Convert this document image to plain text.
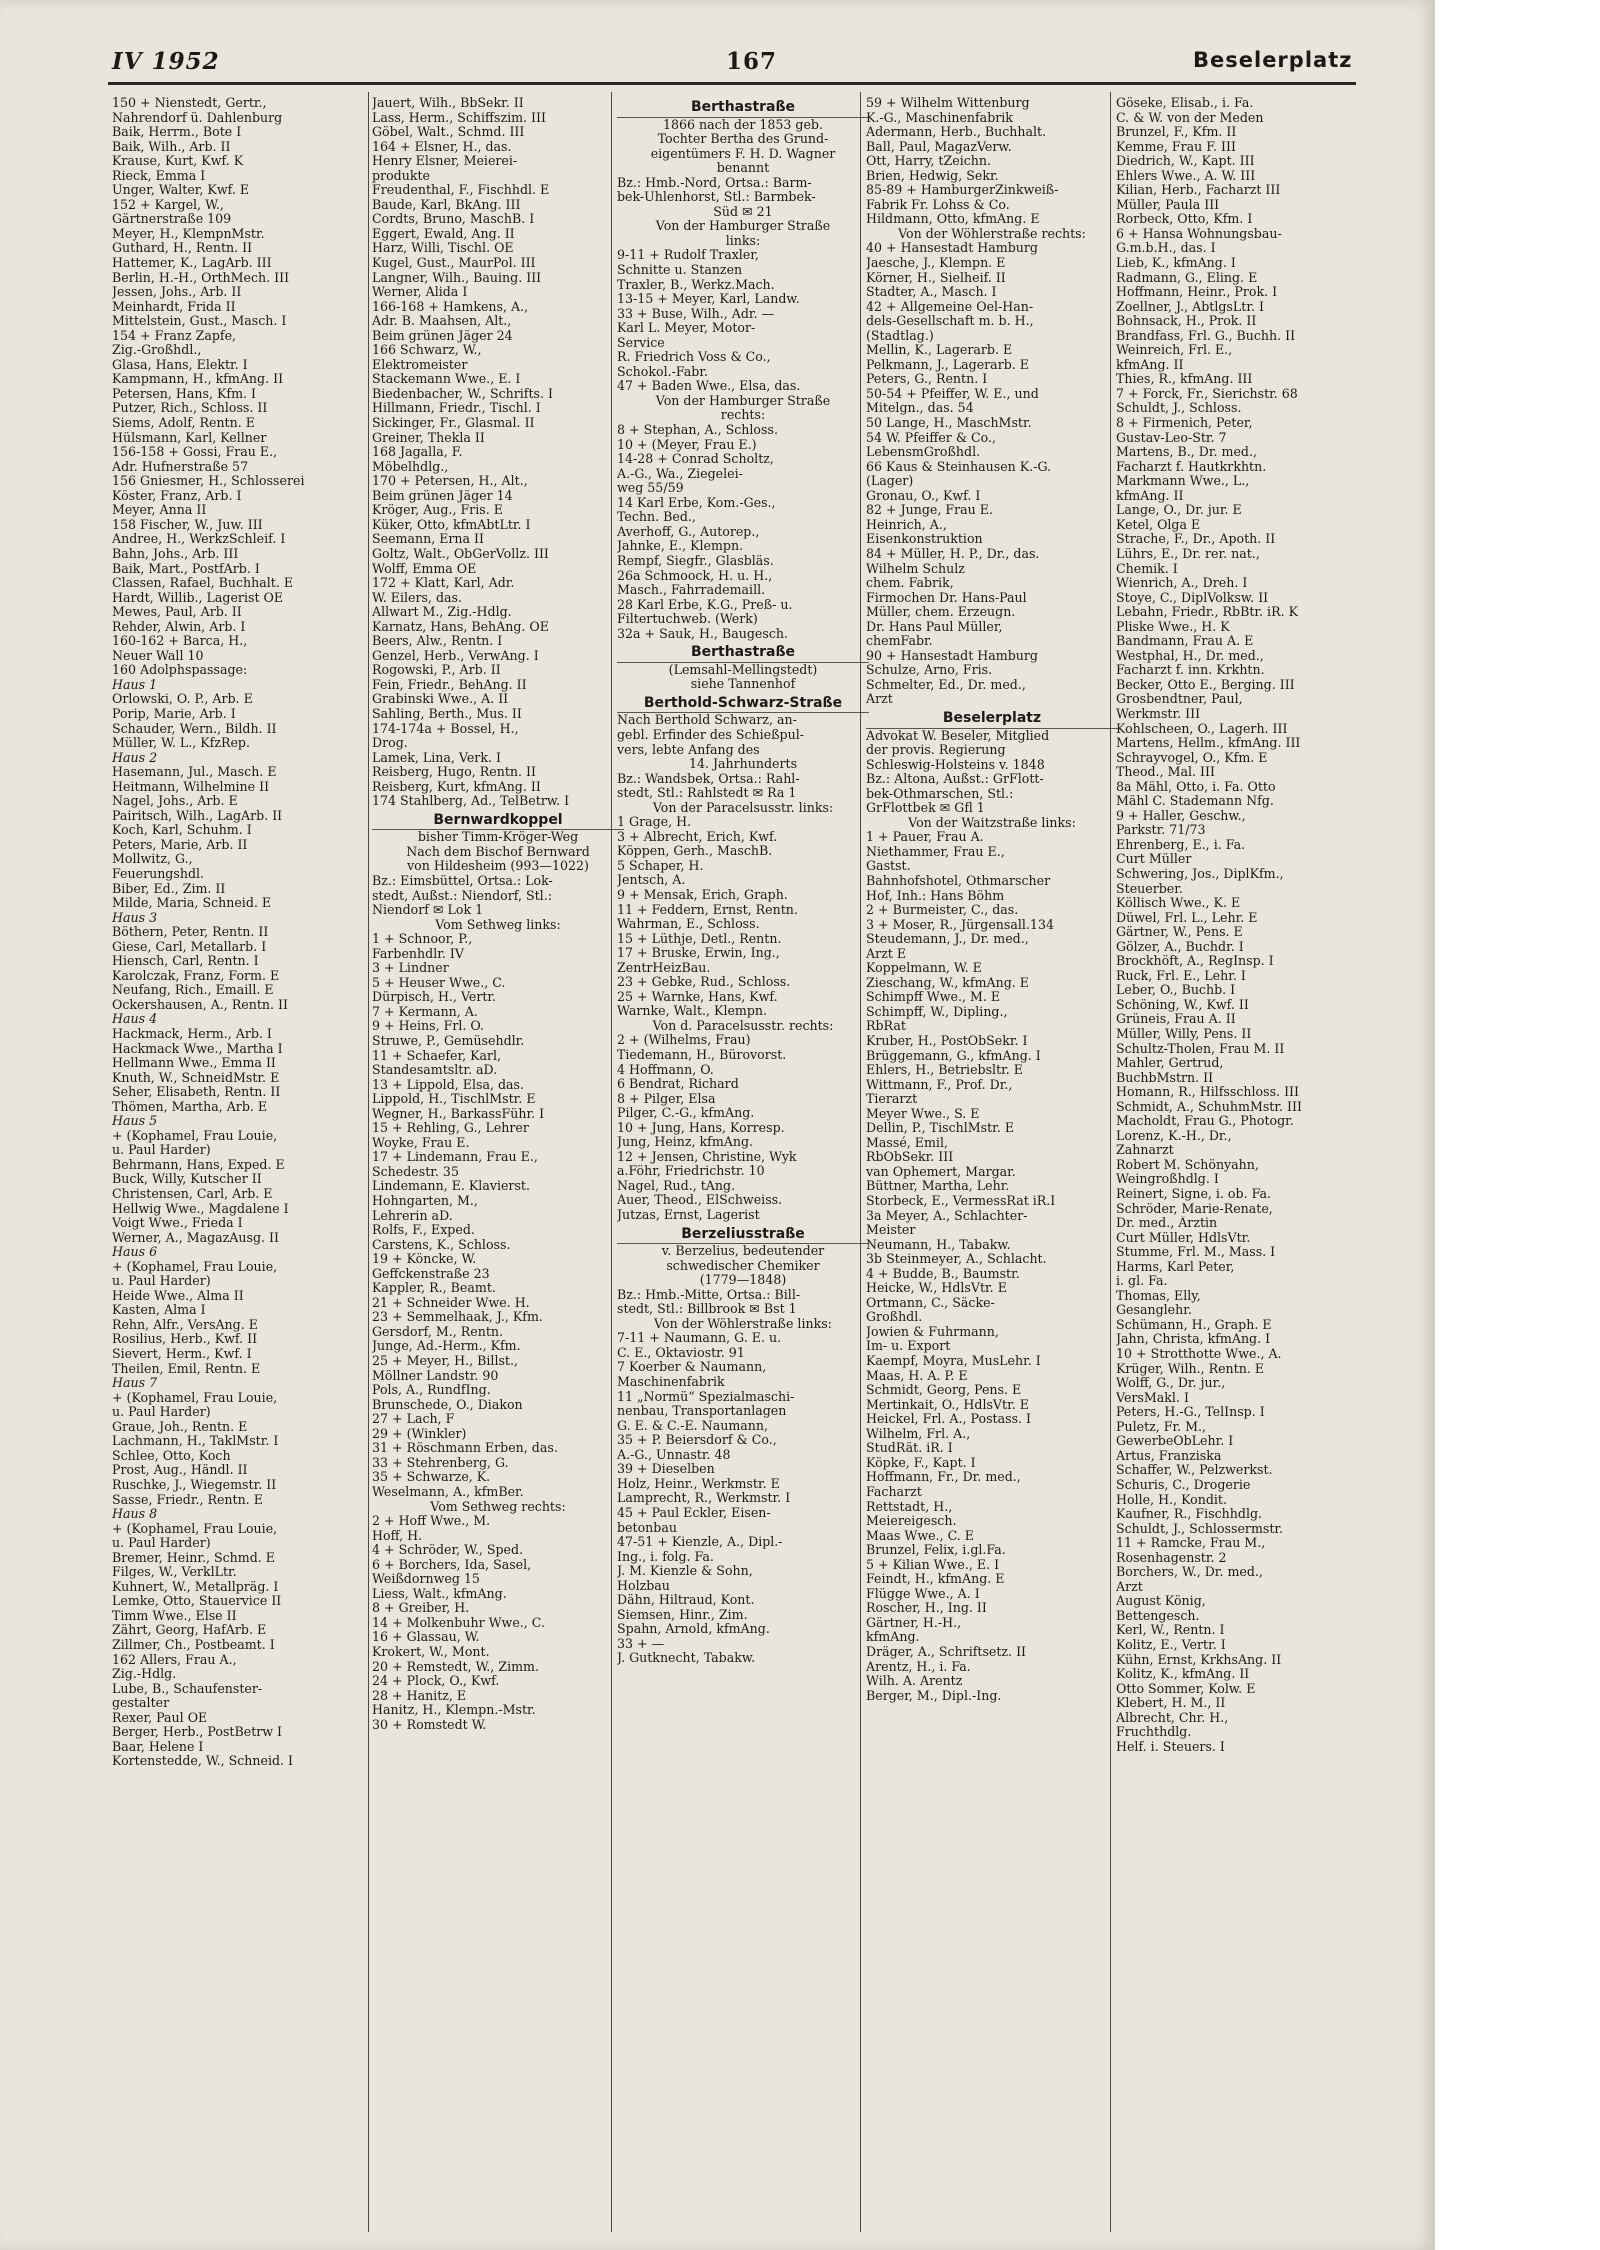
IV 1952	167	Beselerplatz
150 + Nienstedt, Gertr.,
Nahrendorf ü. Dahlenburg
Baik, Herrm., Bote I
Baik, Wilh., Arb. II
Krause, Kurt, Kwf. K
Rieck, Emma I
Unger, Walter, Kwf. E
152 + Kargel, W.,
Gärtnerstraße 109
Meyer, H., KlempnMstr.
Guthard, H., Rentn. II
Hattemer, K., LagArb. III
Berlin, H.-H., OrthMech. III
Jessen, Johs., Arb. II
Meinhardt, Frida II
Mittelstein, Gust., Masch. I
154 + Franz Zapfe,
Zig.-Großhdl.,
Glasa, Hans, Elektr. I
Kampmann, H., kfmAng. II
Petersen, Hans, Kfm. I
Putzer, Rich., Schloss. II
Siems, Adolf, Rentn. E
Hülsmann, Karl, Kellner
156-158 + Gossi, Frau E.,
Adr. Hufnerstraße 57
156 Gniesmer, H., Schlosserei
Köster, Franz, Arb. I
Meyer, Anna II
158 Fischer, W., Juw. III
Andree, H., WerkzSchleif. I
Bahn, Johs., Arb. III
Baik, Mart., PostfArb. I
Classen, Rafael, Buchhalt. E
Hardt, Willib., Lagerist OE
Mewes, Paul, Arb. II
Rehder, Alwin, Arb. I
160-162 + Barca, H.,
Neuer Wall 10
160 Adolphspassage:
Haus 1
Orlowski, O. P., Arb. E
Porip, Marie, Arb. I
Schauder, Wern., Bildh. II
Müller, W. L., KfzRep.
Haus 2
Hasemann, Jul., Masch. E
Heitmann, Wilhelmine II
Nagel, Johs., Arb. E
Pairitsch, Wilh., LagArb. II
Koch, Karl, Schuhm. I
Peters, Marie, Arb. II
Mollwitz, G.,
Feuerungshdl.
Biber, Ed., Zim. II
Milde, Maria, Schneid. E
Haus 3
Böthern, Peter, Rentn. II
Giese, Carl, Metallarb. I
Hiensch, Carl, Rentn. I
Karolczak, Franz, Form. E
Neufang, Rich., Emaill. E
Ockershausen, A., Rentn. II
Haus 4
Hackmack, Herm., Arb. I
Hackmack Wwe., Martha I
Hellmann Wwe., Emma II
Knuth, W., SchneidMstr. E
Seher, Elisabeth, Rentn. II
Thömen, Martha, Arb. E
Haus 5
+ (Kophamel, Frau Louie,
u. Paul Harder)
Behrmann, Hans, Exped. E
Buck, Willy, Kutscher II
Christensen, Carl, Arb. E
Hellwig Wwe., Magdalene I
Voigt Wwe., Frieda I
Werner, A., MagazAusg. II
Haus 6
+ (Kophamel, Frau Louie,
u. Paul Harder)
Heide Wwe., Alma II
Kasten, Alma I
Rehn, Alfr., VersAng. E
Rosilius, Herb., Kwf. II
Sievert, Herm., Kwf. I
Theilen, Emil, Rentn. E
Haus 7
+ (Kophamel, Frau Louie,
u. Paul Harder)
Graue, Joh., Rentn. E
Lachmann, H., TaklMstr. I
Schlee, Otto, Koch
Prost, Aug., Händl. II
Ruschke, J., Wiegemstr. II
Sasse, Friedr., Rentn. E
Haus 8
+ (Kophamel, Frau Louie,
u. Paul Harder)
Bremer, Heinr., Schmd. E
Filges, W., VerklLtr.
Kuhnert, W., Metallpräg. I
Lemke, Otto, Stauervice II
Timm Wwe., Else II
Zährt, Georg, HafArb. E
Zillmer, Ch., Postbeamt. I
162 Allers, Frau A.,
Zig.-Hdlg.
Lube, B., Schaufenster-
gestalter
Rexer, Paul OE
Berger, Herb., PostBetrw I
Baar, Helene I
Kortenstedde, W., Schneid. I
Jauert, Wilh., BbSekr. II
Lass, Herm., Schiffszim. III
Göbel, Walt., Schmd. III
164 + Elsner, H., das.
Henry Elsner, Meierei-
produkte
Freudenthal, F., Fischhdl. E
Baude, Karl, BkAng. III
Cordts, Bruno, MaschB. I
Eggert, Ewald, Ang. II
Harz, Willi, Tischl. OE
Kugel, Gust., MaurPol. III
Langner, Wilh., Bauing. III
Werner, Alida I
166-168 + Hamkens, A.,
Adr. B. Maahsen, Alt.,
Beim grünen Jäger 24
166 Schwarz, W.,
Elektromeister
Stackemann Wwe., E. I
Biedenbacher, W., Schrifts. I
Hillmann, Friedr., Tischl. I
Sickinger, Fr., Glasmal. II
Greiner, Thekla II
168 Jagalla, F.
Möbelhdlg.,
170 + Petersen, H., Alt.,
Beim grünen Jäger 14
Kröger, Aug., Fris. E
Küker, Otto, kfmAbtLtr. I
Seemann, Erna II
Goltz, Walt., ObGerVollz. III
Wolff, Emma OE
172 + Klatt, Karl, Adr.
W. Eilers, das.
Allwart M., Zig.-Hdlg.
Karnatz, Hans, BehAng. OE
Beers, Alw., Rentn. I
Genzel, Herb., VerwAng. I
Rogowski, P., Arb. II
Fein, Friedr., BehAng. II
Grabinski Wwe., A. II
Sahling, Berth., Mus. II
174-174a + Bossel, H.,
Drog.
Lamek, Lina, Verk. I
Reisberg, Hugo, Rentn. II
Reisberg, Kurt, kfmAng. II
174 Stahlberg, Ad., TelBetrw. I
Bernwardkoppel
bisher Timm-Kröger-Weg
Nach dem Bischof Bernward
von Hildesheim (993—1022)
Bz.: Eimsbüttel, Ortsa.: Lok-
stedt, Außst.: Niendorf, Stl.:
Niendorf ✉ Lok 1
Vom Sethweg links:
1 + Schnoor, P.,
Farbenhdlr. IV
3 + Lindner
5 + Heuser Wwe., C.
Dürpisch, H., Vertr.
7 + Kermann, A.
9 + Heins, Frl. O.
Struwe, P., Gemüsehdlr.
11 + Schaefer, Karl,
Standesamtsltr. aD.
13 + Lippold, Elsa, das.
Lippold, H., TischlMstr. E
Wegner, H., BarkassFühr. I
15 + Rehling, G., Lehrer
Woyke, Frau E.
17 + Lindemann, Frau E.,
Schedestr. 35
Lindemann, E. Klavierst.
Hohngarten, M.,
Lehrerin aD.
Rolfs, F., Exped.
Carstens, K., Schloss.
19 + Köncke, W.
Geffckenstraße 23
Kappler, R., Beamt.
21 + Schneider Wwe. H.
23 + Semmelhaak, J., Kfm.
Gersdorf, M., Rentn.
Junge, Ad.-Herm., Kfm.
25 + Meyer, H., Billst.,
Möllner Landstr. 90
Pols, A., RundfIng.
Brunschede, O., Diakon
27 + Lach, F
29 + (Winkler)
31 + Röschmann Erben, das.
33 + Stehrenberg, G.
35 + Schwarze, K.
Weselmann, A., kfmBer.
Vom Sethweg rechts:
2 + Hoff Wwe., M.
Hoff, H.
4 + Schröder, W., Sped.
6 + Borchers, Ida, Sasel,
Weißdornweg 15
Liess, Walt., kfmAng.
8 + Greiber, H.
14 + Molkenbuhr Wwe., C.
16 + Glassau, W.
Krokert, W., Mont.
20 + Remstedt, W., Zimm.
24 + Plock, O., Kwf.
28 + Hanitz, E
Hanitz, H., Klempn.-Mstr.
30 + Romstedt W.
Berthastraße
1866 nach der 1853 geb.
Tochter Bertha des Grund-
eigentümers F. H. D. Wagner
benannt
Bz.: Hmb.-Nord, Ortsa.: Barm-
bek-Uhlenhorst, Stl.: Barmbek-
Süd ✉ 21
Von der Hamburger Straße
links:
9-11 + Rudolf Traxler,
Schnitte u. Stanzen
Traxler, B., Werkz.Mach.
13-15 + Meyer, Karl, Landw.
33 + Buse, Wilh., Adr. —
Karl L. Meyer, Motor-
Service
R. Friedrich Voss & Co.,
Schokol.-Fabr.
47 + Baden Wwe., Elsa, das.
Von der Hamburger Straße
rechts:
8 + Stephan, A., Schloss.
10 + (Meyer, Frau E.)
14-28 + Conrad Scholtz,
A.-G., Wa., Ziegelei-
weg 55/59
14 Karl Erbe, Kom.-Ges.,
Techn. Bed.,
Averhoff, G., Autorep.,
Jahnke, E., Klempn.
Rempf, Siegfr., Glasbläs.
26a Schmoock, H. u. H.,
Masch., Fahrrademaill.
28 Karl Erbe, K.G., Preß- u.
Filtertuchweb. (Werk)
32a + Sauk, H., Baugesch.
Berthastraße
(Lemsahl-Mellingstedt)
siehe Tannenhof
Berthold-Schwarz-Straße
Nach Berthold Schwarz, an-
gebl. Erfinder des Schießpul-
vers, lebte Anfang des
14. Jahrhunderts
Bz.: Wandsbek, Ortsa.: Rahl-
stedt, Stl.: Rahlstedt ✉ Ra 1
Von der Paracelsusstr. links:
1 Grage, H.
3 + Albrecht, Erich, Kwf.
Köppen, Gerh., MaschB.
5 Schaper, H.
Jentsch, A.
9 + Mensak, Erich, Graph.
11 + Feddern, Ernst, Rentn.
Wahrman, E., Schloss.
15 + Lüthje, Detl., Rentn.
17 + Bruske, Erwin, Ing.,
ZentrHeizBau.
23 + Gebke, Rud., Schloss.
25 + Warnke, Hans, Kwf.
Warnke, Walt., Klempn.
Von d. Paracelsusstr. rechts:
2 + (Wilhelms, Frau)
Tiedemann, H., Bürovorst.
4 Hoffmann, O.
6 Bendrat, Richard
8 + Pilger, Elsa
Pilger, C.-G., kfmAng.
10 + Jung, Hans, Korresp.
Jung, Heinz, kfmAng.
12 + Jensen, Christine, Wyk
a.Föhr, Friedrichstr. 10
Nagel, Rud., tAng.
Auer, Theod., ElSchweiss.
Jutzas, Ernst, Lagerist
Berzeliusstraße
v. Berzelius, bedeutender
schwedischer Chemiker
(1779—1848)
Bz.: Hmb.-Mitte, Ortsa.: Bill-
stedt, Stl.: Billbrook ✉ Bst 1
Von der Wöhlerstraße links:
7-11 + Naumann, G. E. u.
C. E., Oktaviostr. 91
7 Koerber & Naumann,
Maschinenfabrik
11 „Normü“ Spezialmaschi-
nenbau, Transportanlagen
G. E. & C.-E. Naumann,
35 + P. Beiersdorf & Co.,
A.-G., Unnastr. 48
39 + Dieselben
Holz, Heinr., Werkmstr. E
Lamprecht, R., Werkmstr. I
45 + Paul Eckler, Eisen-
betonbau
47-51 + Kienzle, A., Dipl.-
Ing., i. folg. Fa.
J. M. Kienzle & Sohn,
Holzbau
Dähn, Hiltraud, Kont.
Siemsen, Hinr., Zim.
Spahn, Arnold, kfmAng.
33 + —
J. Gutknecht, Tabakw.
59 + Wilhelm Wittenburg
K.-G., Maschinenfabrik
Adermann, Herb., Buchhalt.
Ball, Paul, MagazVerw.
Ott, Harry, tZeichn.
Brien, Hedwig, Sekr.
85-89 + HamburgerZinkweiß-
Fabrik Fr. Lohss & Co.
Hildmann, Otto, kfmAng. E
Von der Wöhlerstraße rechts:
40 + Hansestadt Hamburg
Jaesche, J., Klempn. E
Körner, H., Sielheif. II
Stadter, A., Masch. I
42 + Allgemeine Oel-Han-
dels-Gesellschaft m. b. H.,
(Stadtlag.)
Mellin, K., Lagerarb. E
Pelkmann, J., Lagerarb. E
Peters, G., Rentn. I
50-54 + Pfeiffer, W. E., und
Mitelgn., das. 54
50 Lange, H., MaschMstr.
54 W. Pfeiffer & Co.,
LebensmGroßhdl.
66 Kaus & Steinhausen K.-G.
(Lager)
Gronau, O., Kwf. I
82 + Junge, Frau E.
Heinrich, A.,
Eisenkonstruktion
84 + Müller, H. P., Dr., das.
Wilhelm Schulz
chem. Fabrik,
Firmochen Dr. Hans-Paul
Müller, chem. Erzeugn.
Dr. Hans Paul Müller,
chemFabr.
90 + Hansestadt Hamburg
Schulze, Arno, Fris.
Schmelter, Ed., Dr. med.,
Arzt
Beselerplatz
Advokat W. Beseler, Mitglied
der provis. Regierung
Schleswig-Holsteins v. 1848
Bz.: Altona, Außst.: GrFlott-
bek-Othmarschen, Stl.:
GrFlottbek ✉ Gfl 1
Von der Waitzstraße links:
1 + Pauer, Frau A.
Niethammer, Frau E.,
Gastst.
Bahnhofshotel, Othmarscher
Hof, Inh.: Hans Böhm
2 + Burmeister, C., das.
3 + Moser, R., Jürgensall.134
Steudemann, J., Dr. med.,
Arzt E
Koppelmann, W. E
Zieschang, W., kfmAng. E
Schimpff Wwe., M. E
Schimpff, W., Dipling.,
RbRat
Kruber, H., PostObSekr. I
Brüggemann, G., kfmAng. I
Ehlers, H., Betriebsltr. E
Wittmann, F., Prof. Dr.,
Tierarzt
Meyer Wwe., S. E
Dellin, P., TischlMstr. E
Massé, Emil,
RbObSekr. III
van Ophemert, Margar.
Büttner, Martha, Lehr.
Storbeck, E., VermessRat iR.I
3a Meyer, A., Schlachter-
Meister
Neumann, H., Tabakw.
3b Steinmeyer, A., Schlacht.
4 + Budde, B., Baumstr.
Heicke, W., HdlsVtr. E
Ortmann, C., Säcke-
Großhdl.
Jowien & Fuhrmann,
Im- u. Export
Kaempf, Moyra, MusLehr. I
Maas, H. A. P. E
Schmidt, Georg, Pens. E
Mertinkait, O., HdlsVtr. E
Heickel, Frl. A., Postass. I
Wilhelm, Frl. A.,
StudRät. iR. I
Köpke, F., Kapt. I
Hoffmann, Fr., Dr. med.,
Facharzt
Rettstadt, H.,
Meiereigesch.
Maas Wwe., C. E
Brunzel, Felix, i.gl.Fa.
5 + Kilian Wwe., E. I
Feindt, H., kfmAng. E
Flügge Wwe., A. I
Roscher, H., Ing. II
Gärtner, H.-H.,
kfmAng.
Dräger, A., Schriftsetz. II
Arentz, H., i. Fa.
Wilh. A. Arentz
Berger, M., Dipl.-Ing.
Göseke, Elisab., i. Fa.
C. & W. von der Meden
Brunzel, F., Kfm. II
Kemme, Frau F. III
Diedrich, W., Kapt. III
Ehlers Wwe., A. W. III
Kilian, Herb., Facharzt III
Müller, Paula III
Rorbeck, Otto, Kfm. I
6 + Hansa Wohnungsbau-
G.m.b.H., das. I
Lieb, K., kfmAng. I
Radmann, G., Eling. E
Hoffmann, Heinr., Prok. I
Zoellner, J., AbtlgsLtr. I
Bohnsack, H., Prok. II
Brandfass, Frl. G., Buchh. II
Weinreich, Frl. E.,
kfmAng. II
Thies, R., kfmAng. III
7 + Forck, Fr., Sierichstr. 68
Schuldt, J., Schloss.
8 + Firmenich, Peter,
Gustav-Leo-Str. 7
Martens, B., Dr. med.,
Facharzt f. Hautkrkhtn.
Markmann Wwe., L.,
kfmAng. II
Lange, O., Dr. jur. E
Ketel, Olga E
Strache, F., Dr., Apoth. II
Lührs, E., Dr. rer. nat.,
Chemik. I
Wienrich, A., Dreh. I
Stoye, C., DiplVolksw. II
Lebahn, Friedr., RbBtr. iR. K
Pliske Wwe., H. K
Bandmann, Frau A. E
Westphal, H., Dr. med.,
Facharzt f. inn. Krkhtn.
Becker, Otto E., Berging. III
Grosbendtner, Paul,
Werkmstr. III
Kohlscheen, O., Lagerh. III
Martens, Hellm., kfmAng. III
Schrayvogel, O., Kfm. E
Theod., Mal. III
8a Mähl, Otto, i. Fa. Otto
Mähl C. Stademann Nfg.
9 + Haller, Geschw.,
Parkstr. 71/73
Ehrenberg, E., i. Fa.
Curt Müller
Schwering, Jos., DiplKfm.,
Steuerber.
Köllisch Wwe., K. E
Düwel, Frl. L., Lehr. E
Gärtner, W., Pens. E
Gölzer, A., Buchdr. I
Brockhöft, A., RegInsp. I
Ruck, Frl. E., Lehr. I
Leber, O., Buchb. I
Schöning, W., Kwf. II
Grüneis, Frau A. II
Müller, Willy, Pens. II
Schultz-Tholen, Frau M. II
Mahler, Gertrud,
BuchbMstrn. II
Homann, R., Hilfsschloss. III
Schmidt, A., SchuhmMstr. III
Macholdt, Frau G., Photogr.
Lorenz, K.-H., Dr.,
Zahnarzt
Robert M. Schönyahn,
Weingroßhdlg. I
Reinert, Signe, i. ob. Fa.
Schröder, Marie-Renate,
Dr. med., Ärztin
Curt Müller, HdlsVtr.
Stumme, Frl. M., Mass. I
Harms, Karl Peter,
i. gl. Fa.
Thomas, Elly,
Gesanglehr.
Schümann, H., Graph. E
Jahn, Christa, kfmAng. I
10 + Strotthotte Wwe., A.
Krüger, Wilh., Rentn. E
Wolff, G., Dr. jur.,
VersMakl. I
Peters, H.-G., TelInsp. I
Puletz, Fr. M.,
GewerbeObLehr. I
Artus, Franziska
Schaffer, W., Pelzwerkst.
Schuris, C., Drogerie
Holle, H., Kondit.
Kaufner, R., Fischhdlg.
Schuldt, J., Schlossermstr.
11 + Ramcke, Frau M.,
Rosenhagenstr. 2
Borchers, W., Dr. med.,
Arzt
August König,
Bettengesch.
Kerl, W., Rentn. I
Kolitz, E., Vertr. I
Kühn, Ernst, KrkhsAng. II
Kolitz, K., kfmAng. II
Otto Sommer, Kolw. E
Klebert, H. M., II
Albrecht, Chr. H.,
Fruchthdlg.
Helf. i. Steuers. I
